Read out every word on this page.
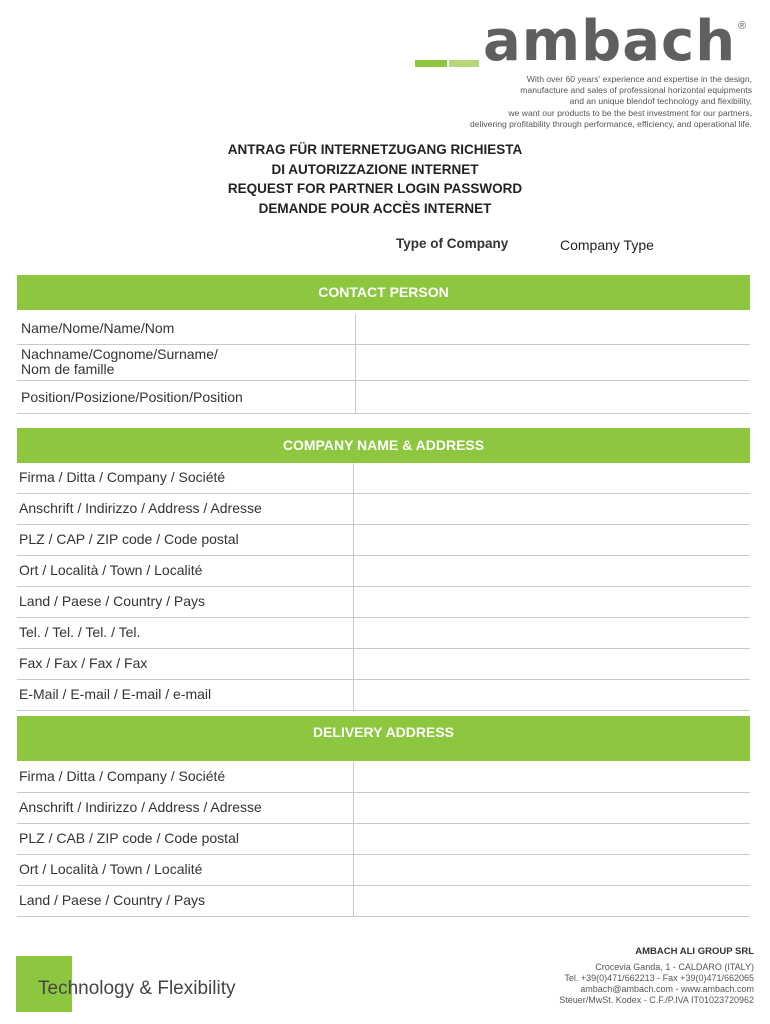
ambach ®
With over 60 years' experience and expertise in the design,
manufacture and sales of professional horizontal equipments
and an unique blendof technology and flexibility,
we want our products to be the best investment for our partners,
delivering profitability through performance, efficiency, and operational life.
ANTRAG FÜR INTERNETZUGANG RICHIESTA
DI AUTORIZZAZIONE INTERNET
REQUEST FOR PARTNER LOGIN PASSWORD
DEMANDE POUR ACCÈS INTERNET
Type of Company	Company Type
CONTACT PERSON
Name/Nome/Name/Nom
Nachname/Cognome/Surname/
Nom de famille
Position/Posizione/Position/Position
COMPANY NAME & ADDRESS
Firma / Ditta / Company / Société
Anschrift / Indirizzo / Address / Adresse
PLZ / CAP / ZIP code / Code postal
Ort / Località / Town / Localité
Land / Paese / Country / Pays
Tel. / Tel. / Tel. / Tel.
Fax / Fax / Fax / Fax
E-Mail / E-mail / E-mail / e-mail
DELIVERY ADDRESS
Firma / Ditta / Company / Société
Anschrift / Indirizzo / Address / Adresse
PLZ / CAB / ZIP code / Code postal
Ort / Località / Town / Localité
Land / Paese / Country / Pays
Technology & Flexibility
AMBACH ALI GROUP SRL
Crocevia Ganda, 1 - CALDARO (ITALY)
Tel. +39(0)471/662213 - Fax +39(0)471/662065
ambach@ambach.com - www.ambach.com
Steuer/MwSt. Kodex - C.F./P.IVA IT01023720962
